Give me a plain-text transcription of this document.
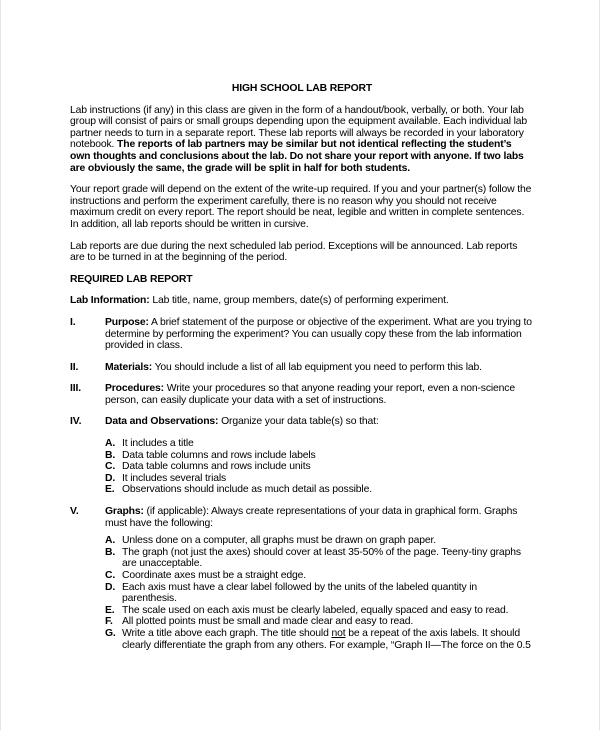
HIGH SCHOOL LAB REPORT

Lab instructions (if any) in this class are given in the form of a handout/book, verbally, or both. Your lab group will consist of pairs or small groups depending upon the equipment available. Each individual lab partner needs to turn in a separate report. These lab reports will always be recorded in your laboratory notebook. The reports of lab partners may be similar but not identical reflecting the student’s own thoughts and conclusions about the lab. Do not share your report with anyone. If two labs are obviously the same, the grade will be split in half for both students.

Your report grade will depend on the extent of the write-up required. If you and your partner(s) follow the instructions and perform the experiment carefully, there is no reason why you should not receive maximum credit on every report. The report should be neat, legible and written in complete sentences. In addition, all lab reports should be written in cursive.

Lab reports are due during the next scheduled lab period. Exceptions will be announced. Lab reports are to be turned in at the beginning of the period.

REQUIRED LAB REPORT

Lab Information: Lab title, name, group members, date(s) of performing experiment.

I.	Purpose: A brief statement of the purpose or objective of the experiment. What are you trying to determine by performing the experiment? You can usually copy these from the lab information provided in class.
II.	Materials: You should include a list of all lab equipment you need to perform this lab.
III.	Procedures: Write your procedures so that anyone reading your report, even a non-science person, can easily duplicate your data with a set of instructions.
IV.	Data and Observations: Organize your data table(s) so that:
A. It includes a title
B. Data table columns and rows include labels
C. Data table columns and rows include units
D. It includes several trials
E. Observations should include as much detail as possible.
V.	Graphs: (if applicable): Always create representations of your data in graphical form. Graphs must have the following:
A. Unless done on a computer, all graphs must be drawn on graph paper.
B. The graph (not just the axes) should cover at least 35-50% of the page. Teeny-tiny graphs are unacceptable.
C. Coordinate axes must be a straight edge.
D. Each axis must have a clear label followed by the units of the labeled quantity in parenthesis.
E. The scale used on each axis must be clearly labeled, equally spaced and easy to read.
F. All plotted points must be small and made clear and easy to read.
G. Write a title above each graph. The title should not be a repeat of the axis labels. It should clearly differentiate the graph from any others. For example, “Graph II—The force on the 0.5
